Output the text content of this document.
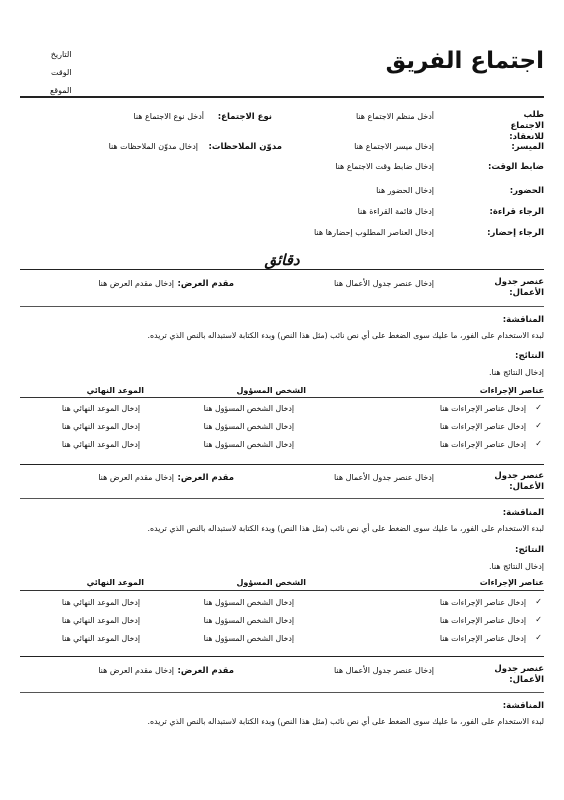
اجتماع الفريق
التاريخ
الوقت
الموقع
طلب الاجتماع للانعقاد:
أدخل منظم الاجتماع هنا
نوع الاجتماع:
أدخل نوع الاجتماع هنا
الميسر:
إدخال ميسر الاجتماع هنا
مدوّن الملاحظات:
إدخال مدوّن الملاحظات هنا
ضابط الوقت:
إدخال ضابط وقت الاجتماع هنا
الحضور:
إدخال الحضور هنا
الرجاء قراءة:
إدخال قائمة القراءة هنا
الرجاء إحضار:
إدخال العناصر المطلوب إحضارها هنا
دقائق
عنصر جدول الأعمال:
إدخال عنصر جدول الأعمال هنا
مقدم العرض:
إدخال مقدم العرض هنا
المناقشة:
لبدء الاستخدام على الفور، ما عليك سوى الضغط على أي نص نائب (مثل هذا النص) وبدء الكتابة لاستبداله بالنص الذي تريده.
النتائج:
إدخال النتائج هنا.
عناصر الإجراءات
الشخص المسؤول
الموعد النهائي
✓
إدخال عناصر الإجراءات هنا
إدخال الشخص المسؤول هنا
إدخال الموعد النهائي هنا
✓
إدخال عناصر الإجراءات هنا
إدخال الشخص المسؤول هنا
إدخال الموعد النهائي هنا
✓
إدخال عناصر الإجراءات هنا
إدخال الشخص المسؤول هنا
إدخال الموعد النهائي هنا
عنصر جدول الأعمال:
إدخال عنصر جدول الأعمال هنا
مقدم العرض:
إدخال مقدم العرض هنا
المناقشة:
لبدء الاستخدام على الفور، ما عليك سوى الضغط على أي نص نائب (مثل هذا النص) وبدء الكتابة لاستبداله بالنص الذي تريده.
النتائج:
إدخال النتائج هنا.
عناصر الإجراءات
الشخص المسؤول
الموعد النهائي
✓
إدخال عناصر الإجراءات هنا
إدخال الشخص المسؤول هنا
إدخال الموعد النهائي هنا
✓
إدخال عناصر الإجراءات هنا
إدخال الشخص المسؤول هنا
إدخال الموعد النهائي هنا
✓
إدخال عناصر الإجراءات هنا
إدخال الشخص المسؤول هنا
إدخال الموعد النهائي هنا
عنصر جدول الأعمال:
إدخال عنصر جدول الأعمال هنا
مقدم العرض:
إدخال مقدم العرض هنا
المناقشة:
لبدء الاستخدام على الفور، ما عليك سوى الضغط على أي نص نائب (مثل هذا النص) وبدء الكتابة لاستبداله بالنص الذي تريده.
